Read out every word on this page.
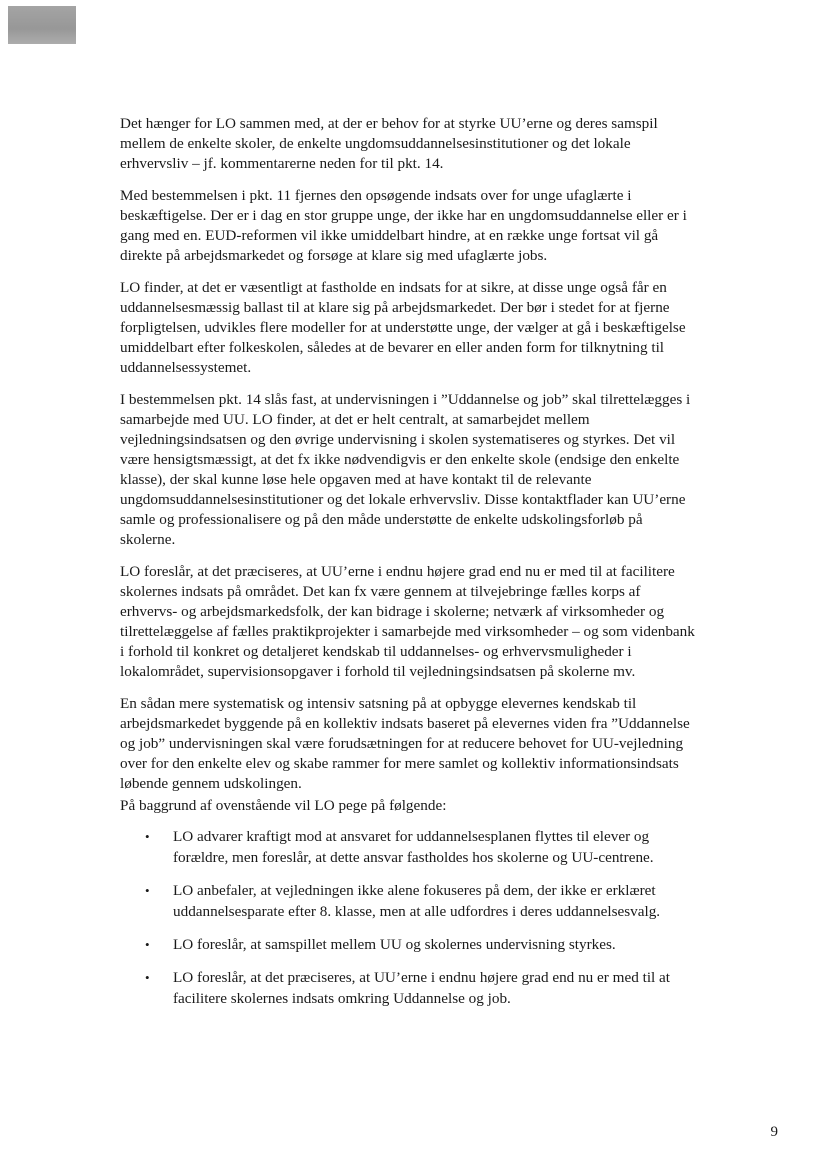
Det hænger for LO sammen med, at der er behov for at styrke UU’erne og deres samspil mellem de enkelte skoler, de enkelte ungdomsuddannelsesinstitutioner og det lokale erhvervsliv – jf. kommentarerne neden for til pkt. 14.

Med bestemmelsen i pkt. 11 fjernes den opsøgende indsats over for unge ufaglærte i beskæftigelse. Der er i dag en stor gruppe unge, der ikke har en ungdomsuddannelse eller er i gang med en. EUD-reformen vil ikke umiddelbart hindre, at en række unge fortsat vil gå direkte på arbejdsmarkedet og forsøge at klare sig med ufaglærte jobs.

LO finder, at det er væsentligt at fastholde en indsats for at sikre, at disse unge også får en uddannelsesmæssig ballast til at klare sig på arbejdsmarkedet. Der bør i stedet for at fjerne forpligtelsen, udvikles flere modeller for at understøtte unge, der vælger at gå i beskæftigelse umiddelbart efter folkeskolen, således at de bevarer en eller anden form for tilknytning til uddannelsessystemet.

I bestemmelsen pkt. 14 slås fast, at undervisningen i ”Uddannelse og job” skal tilrettelægges i samarbejde med UU. LO finder, at det er helt centralt, at samarbejdet mellem vejledningsindsatsen og den øvrige undervisning i skolen systematiseres og styrkes. Det vil være hensigtsmæssigt, at det fx ikke nødvendigvis er den enkelte skole (endsige den enkelte klasse), der skal kunne løse hele opgaven med at have kontakt til de relevante ungdomsuddannelsesinstitutioner og det lokale erhvervsliv. Disse kontaktflader kan UU’erne samle og professionalisere og på den måde understøtte de enkelte udskolingsforløb på skolerne.

LO foreslår, at det præciseres, at UU’erne i endnu højere grad end nu er med til at facilitere skolernes indsats på området. Det kan fx være gennem at tilvejebringe fælles korps af erhvervs- og arbejdsmarkedsfolk, der kan bidrage i skolerne; netværk af virksomheder og tilrettelæggelse af fælles praktikprojekter i samarbejde med virksomheder – og som videnbank i forhold til konkret og detaljeret kendskab til uddannelses- og erhvervsmuligheder i lokalområdet, supervisionsopgaver i forhold til vejledningsindsatsen på skolerne mv.

En sådan mere systematisk og intensiv satsning på at opbygge elevernes kendskab til arbejdsmarkedet byggende på en kollektiv indsats baseret på elevernes viden fra ”Uddannelse og job” undervisningen skal være forudsætningen for at reducere behovet for UU-vejledning over for den enkelte elev og skabe rammer for mere samlet og kollektiv informationsindsats løbende gennem udskolingen.

På baggrund af ovenstående vil LO pege på følgende:

• LO advarer kraftigt mod at ansvaret for uddannelsesplanen flyttes til elever og forældre, men foreslår, at dette ansvar fastholdes hos skolerne og UU-centrene.
• LO anbefaler, at vejledningen ikke alene fokuseres på dem, der ikke er erklæret uddannelsesparate efter 8. klasse, men at alle udfordres i deres uddannelsesvalg.
• LO foreslår, at samspillet mellem UU og skolernes undervisning styrkes.
• LO foreslår, at det præciseres, at UU’erne i endnu højere grad end nu er med til at facilitere skolernes indsats omkring Uddannelse og job.
9
